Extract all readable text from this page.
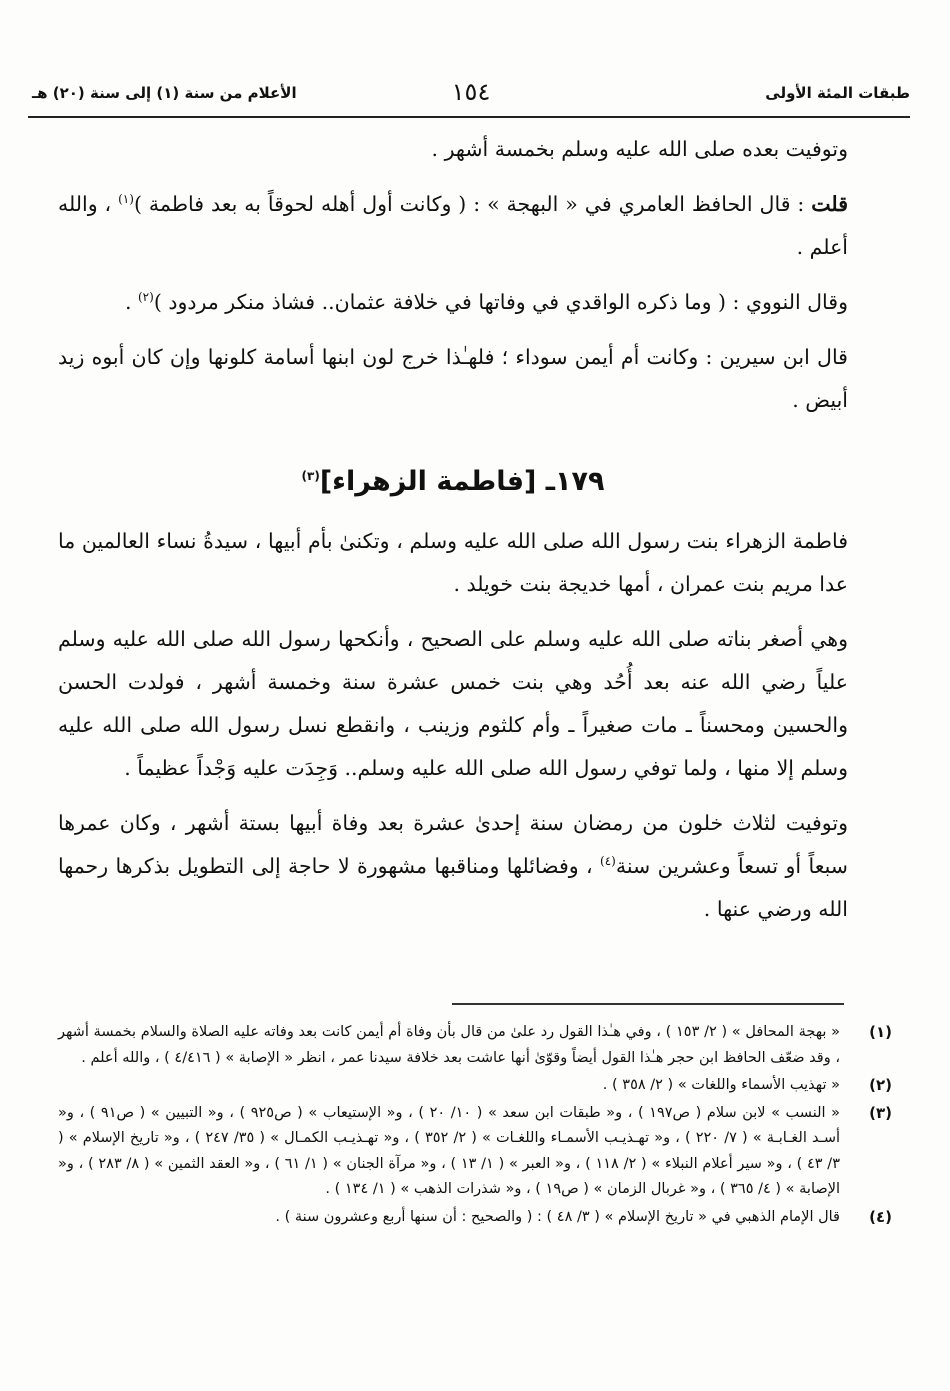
طبقات المئة الأولى
١٥٤
الأعلام من سنة (١) إلى سنة (٢٠) هـ

وتوفيت بعده صلى الله عليه وسلم بخمسة أشهر .

قلت : قال الحافظ العامري في « البهجة » : ( وكانت أول أهله لحوقاً به بعد فاطمة )$^{(١)}$ ، والله أعلم .

وقال النووي : ( وما ذكره الواقدي في وفاتها في خلافة عثمان.. فشاذ منكر مردود )$^{(٢)}$ .

قال ابن سيرين : وكانت أم أيمن سوداء ؛ فلهـٰذا خرج لون ابنها أسامة كلونها وإن كان أبوه زيد أبيض .

١٧٩ـ [فاطمة الزهراء]$^{(٣)}$

فاطمة الزهراء بنت رسول الله صلى الله عليه وسلم ، وتكنىٰ بأم أبيها ، سيدةُ نساء العالمين ما عدا مريم بنت عمران ، أمها خديجة بنت خويلد .

وهي أصغر بناته صلى الله عليه وسلم على الصحيح ، وأنكحها رسول الله صلى الله عليه وسلم علياً رضي الله عنه بعد أُحُد وهي بنت خمس عشرة سنة وخمسة أشهر ، فولدت الحسن والحسين ومحسناً ـ مات صغيراً ـ وأم كلثوم وزينب ، وانقطع نسل رسول الله صلى الله عليه وسلم إلا منها ، ولما توفي رسول الله صلى الله عليه وسلم.. وَجِدَت عليه وَجْداً عظيماً .

وتوفيت لثلاث خلون من رمضان سنة إحدىٰ عشرة بعد وفاة أبيها بستة أشهر ، وكان عمرها سبعاً أو تسعاً وعشرين سنة$^{(٤)}$ ، وفضائلها ومناقبها مشهورة لا حاجة إلى التطويل بذكرها رحمها الله ورضي عنها .

(١)
« بهجة المحافل » ( ٢/ ١٥٣ ) ، وفي هـٰذا القول رد علىٰ من قال بأن وفاة أم أيمن كانت بعد وفاته عليه الصلاة والسلام بخمسة أشهر ، وقد ضعّف الحافظ ابن حجر هـٰذا القول أيضاً وقوّىٰ أنها عاشت بعد خلافة سيدنا عمر ، انظر « الإصابة » ( ٤/٤١٦ ) ، والله أعلم .
(٢)
« تهذيب الأسماء واللغات » ( ٢/ ٣٥٨ ) .
(٣)
« النسب » لابن سلام ( ص١٩٧ ) ، و« طبقات ابن سعد » ( ١٠/ ٢٠ ) ، و« الإستيعاب » ( ص٩٢٥ ) ، و« التبيين » ( ص٩١ ) ، و« أسـد الغـابـة » ( ٧/ ٢٢٠ ) ، و« تهـذيـب الأسمـاء واللغـات » ( ٢/ ٣٥٢ ) ، و« تهـذيـب الكمـال » ( ٣٥/ ٢٤٧ ) ، و« تاريخ الإسلام » ( ٣/ ٤٣ ) ، و« سير أعلام النبلاء » ( ٢/ ١١٨ ) ، و« العبر » ( ١/ ١٣ ) ، و« مرآة الجنان » ( ١/ ٦١ ) ، و« العقد الثمين » ( ٨/ ٢٨٣ ) ، و« الإصابة » ( ٤/ ٣٦٥ ) ، و« غربال الزمان » ( ص١٩ ) ، و« شذرات الذهب » ( ١/ ١٣٤ ) .
(٤)
قال الإمام الذهبي في « تاريخ الإسلام » ( ٣/ ٤٨ ) : ( والصحيح : أن سنها أربع وعشرون سنة ) .
